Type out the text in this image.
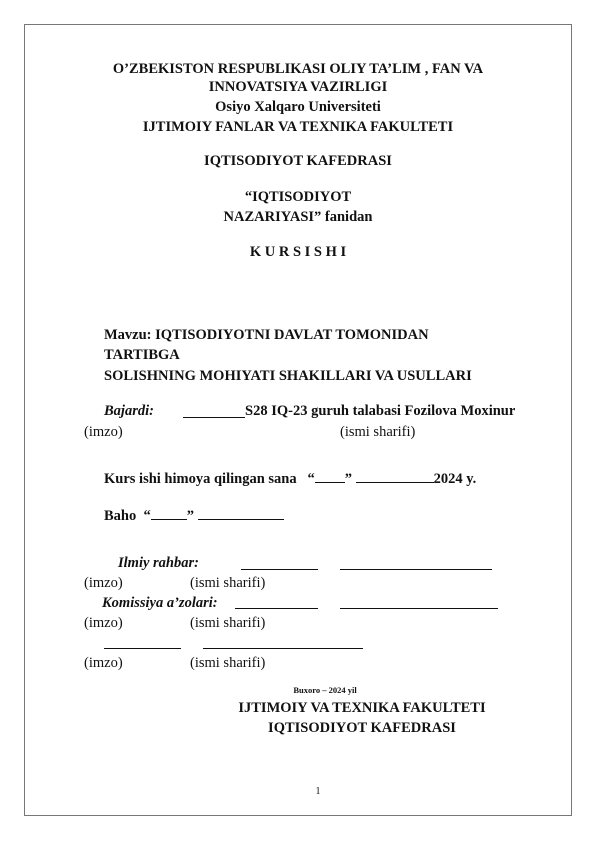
O’ZBEKISTON RESPUBLIKASI OLIY TA’LIM , FAN VA
INNOVATSIYA VAZIRLIGI
Osiyo Xalqaro Universiteti
IJTIMOIY FANLAR VA TEXNIKA FAKULTETI
IQTISODIYOT KAFEDRASI
“IQTISODIYOT
NAZARIYASI” fanidan
K U R S I S H I
Mavzu: IQTISODIYOTNI DAVLAT TOMONIDAN
TARTIBGA
SOLISHNING MOHIYATI SHAKILLARI VA USULLARI
Bajardi:	S28 IQ-23 guruh talabasi Fozilova Moxinur
(imzo)	(ismi sharifi)
Kurs ishi himoya qilingan sana “ ”	2024 y.
Baho “ ”
Ilmiy rahbar:
(imzo)	(ismi sharifi)
Komissiya a’zolari:
(imzo)	(ismi sharifi)
(imzo)	(ismi sharifi)
Buxoro – 2024 yil
IJTIMOIY VA TEXNIKA FAKULTETI
IQTISODIYOT KAFEDRASI
1
